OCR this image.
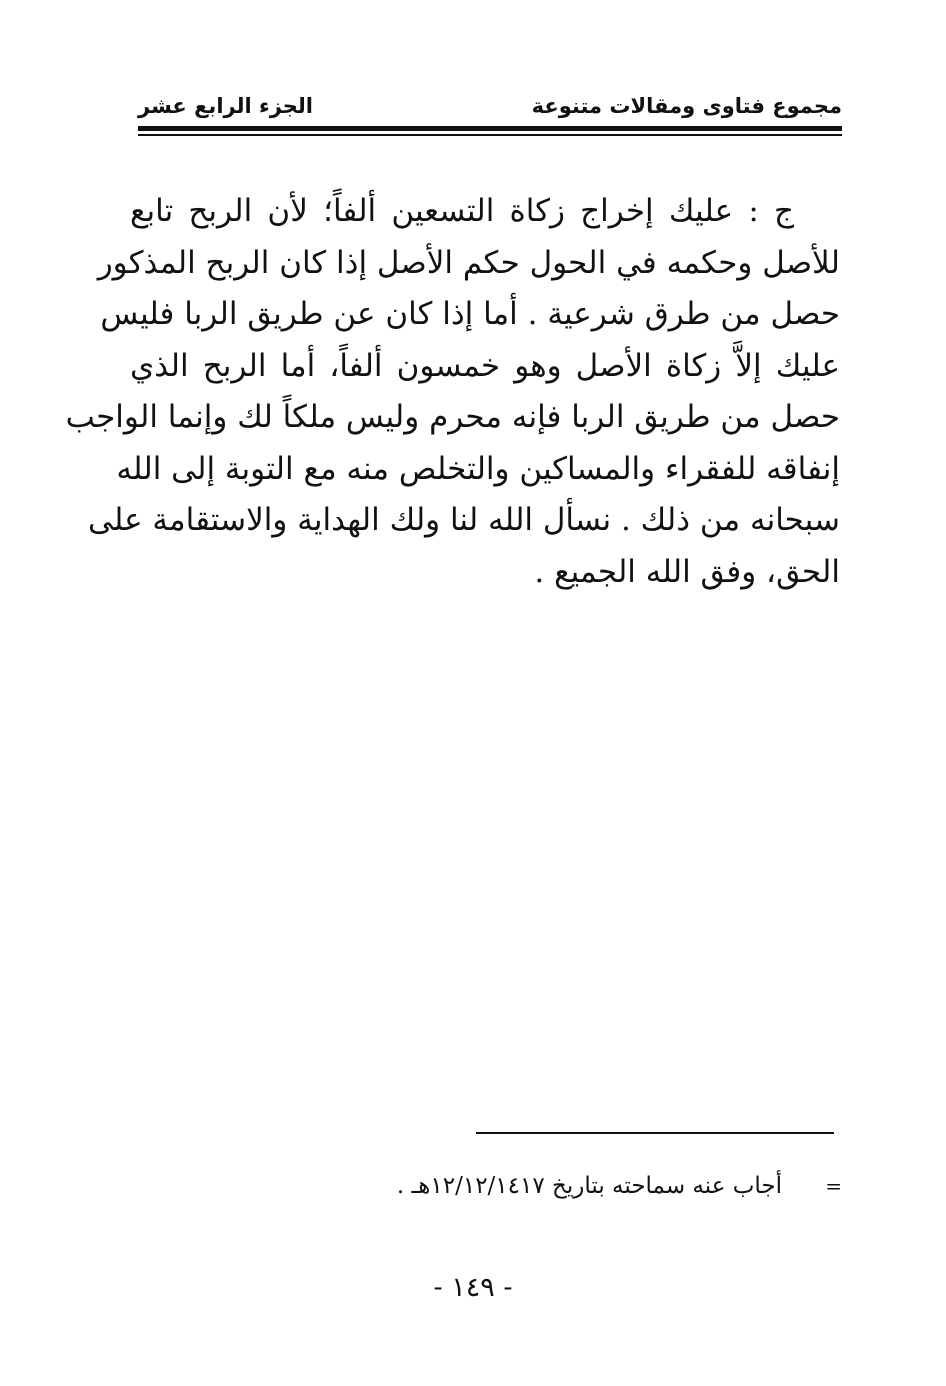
مجموع فتاوى ومقالات متنوعة
الجزء الرابع عشر
ج : عليك إخراج زكاة التسعين ألفاً؛ لأن الربح تابع
للأصل وحكمه في الحول حكم الأصل إذا كان الربح المذكور
حصل من طرق شرعية . أما إذا كان عن طريق الربا فليس
عليك إلاَّ زكاة الأصل وهو خمسون ألفاً، أما الربح الذي
حصل من طريق الربا فإنه محرم وليس ملكاً لك وإنما الواجب
إنفاقه للفقراء والمساكين والتخلص منه مع التوبة إلى الله
سبحانه من ذلك . نسأل الله لنا ولك الهداية والاستقامة على
الحق، وفق الله الجميع .
=
أجاب عنه سماحته بتاريخ ١٢/١٢/١٤١٧هـ .
- ١٤٩ -
